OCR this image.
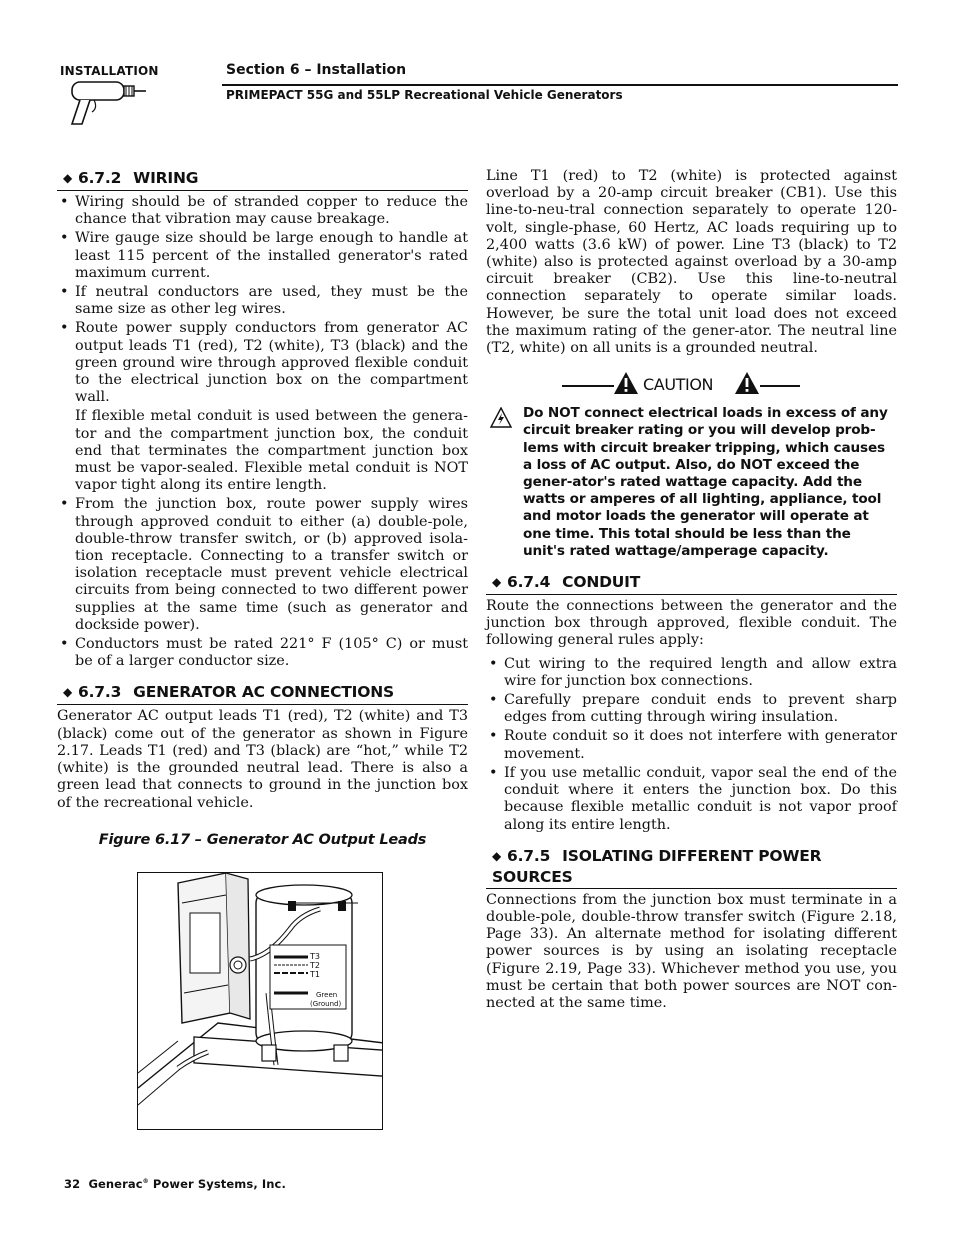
INSTALLATION	Section 6 – Installation
PRIMEPACT 55G and 55LP Recreational Vehicle Generators
◆ 6.7.2 WIRING
• Wiring should be of stranded copper to reduce the chance that vibration may cause breakage.
• Wire gauge size should be large enough to handle at least 115 percent of the installed generator's rated maximum current.
• If neutral conductors are used, they must be the same size as other leg wires.
• Route power supply conductors from generator AC output leads T1 (red), T2 (white), T3 (black) and the green ground wire through approved flexible conduit to the electrical junction box on the compartment wall.
If flexible metal conduit is used between the genera-tor and the compartment junction box, the conduit end that terminates the compartment junction box must be vapor-sealed. Flexible metal conduit is NOT vapor tight along its entire length.
• From the junction box, route power supply wires through approved conduit to either (a) double-pole, double-throw transfer switch, or (b) approved isola-tion receptacle. Connecting to a transfer switch or isolation receptacle must prevent vehicle electrical circuits from being connected to two different power supplies at the same time (such as generator and dockside power).
• Conductors must be rated 221° F (105° C) or must be of a larger conductor size.
◆ 6.7.3 GENERATOR AC CONNECTIONS

Generator AC output leads T1 (red), T2 (white) and T3 (black) come out of the generator as shown in Figure 2.17. Leads T1 (red) and T3 (black) are “hot,” while T2 (white) is the grounded neutral lead. There is also a green lead that connects to ground in the junction box of the recreational vehicle.

Figure 6.17 – Generator AC Output Leads
T3
T2
T1
Green
(Ground)

Line T1 (red) to T2 (white) is protected against overload by a 20-amp circuit breaker (CB1). Use this line-to-neu-tral connection separately to operate 120-volt, single-phase, 60 Hertz, AC loads requiring up to 2,400 watts (3.6 kW) of power. Line T3 (black) to T2 (white) also is protected against overload by a 30-amp circuit breaker (CB2). Use this line-to-neutral connection separately to operate similar loads. However, be sure the total unit load does not exceed the maximum rating of the gener-ator. The neutral line (T2, white) on all units is a grounded neutral.

CAUTION
Do NOT connect electrical loads in excess of any circuit breaker rating or you will develop prob-lems with circuit breaker tripping, which causes a loss of AC output. Also, do NOT exceed the gener-ator's rated wattage capacity. Add the watts or amperes of all lighting, appliance, tool and motor loads the generator will operate at one time. This total should be less than the unit's rated wattage/amperage capacity.
◆ 6.7.4 CONDUIT

Route the connections between the generator and the junction box through approved, flexible conduit. The following general rules apply:

• Cut wiring to the required length and allow extra wire for junction box connections.
• Carefully prepare conduit ends to prevent sharp edges from cutting through wiring insulation.
• Route conduit so it does not interfere with generator movement.
• If you use metallic conduit, vapor seal the end of the conduit where it enters the junction box. Do this because flexible metallic conduit is not vapor proof along its entire length.
◆ 6.7.5 ISOLATING DIFFERENT POWER SOURCES

Connections from the junction box must terminate in a double-pole, double-throw transfer switch (Figure 2.18, Page 33). An alternate method for isolating different power sources is by using an isolating receptacle (Figure 2.19, Page 33). Whichever method you use, you must be certain that both power sources are NOT con-nected at the same time.

32 Generac® Power Systems, Inc.
